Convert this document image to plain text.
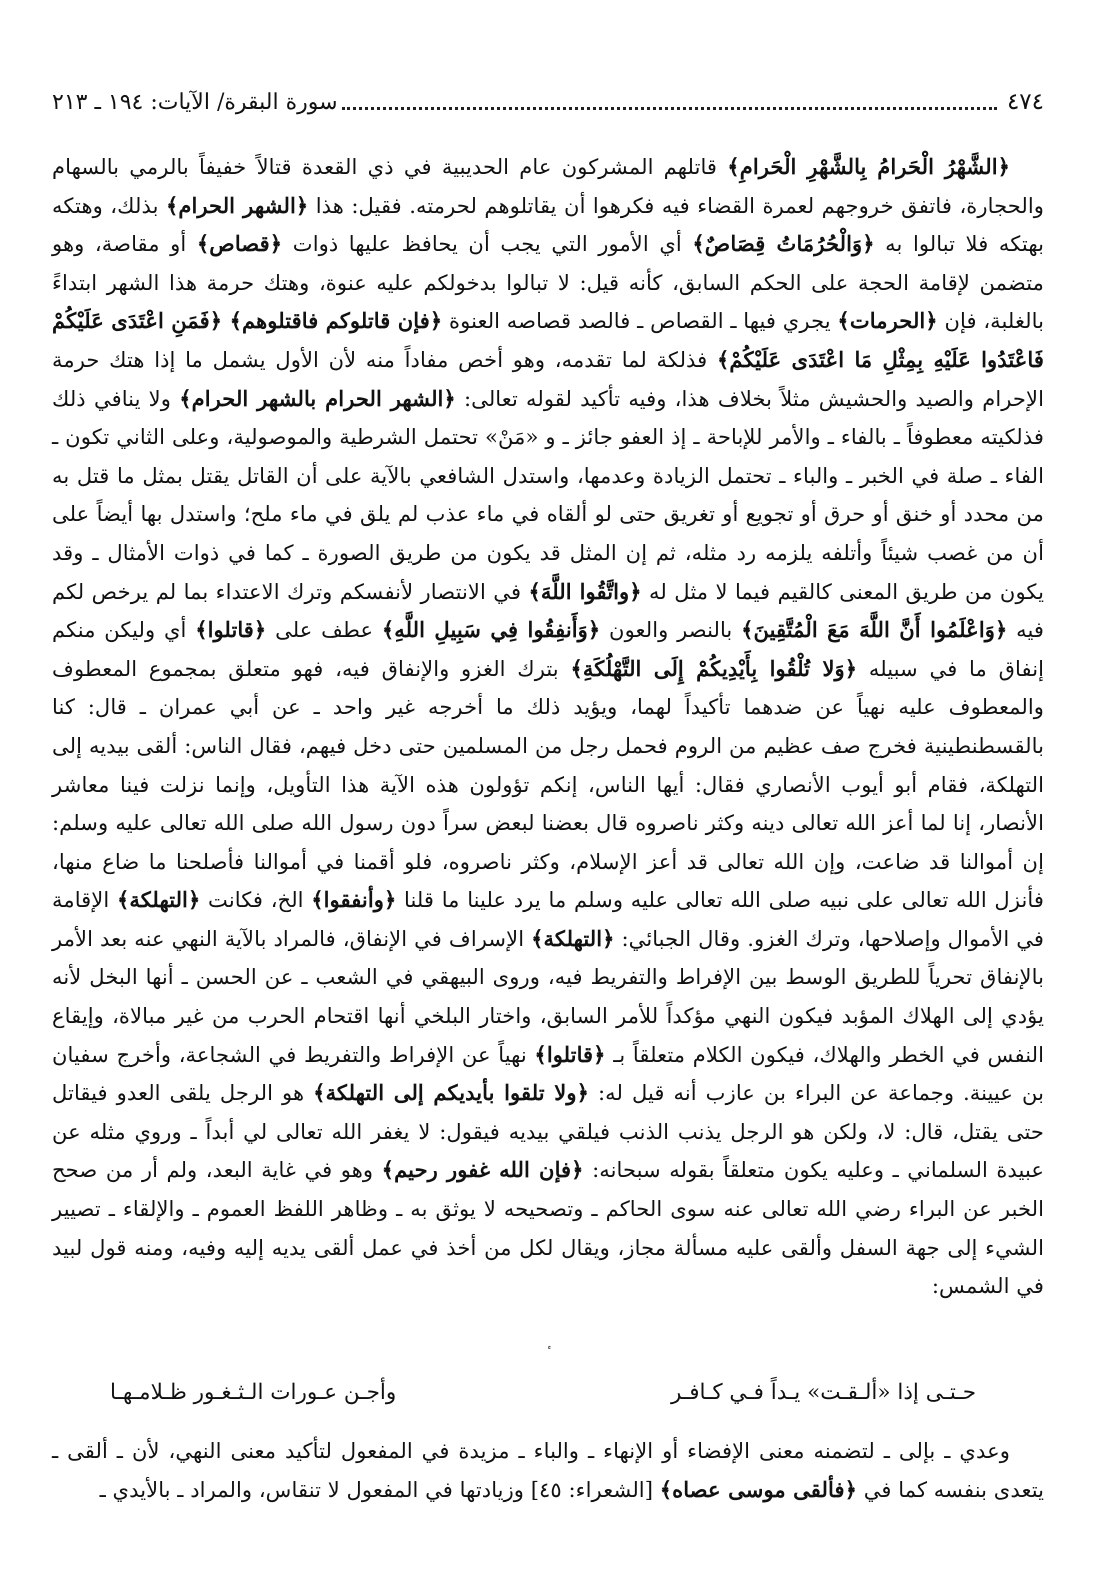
٤٧٤
سورة البقرة/ الآيات: ١٩٤ ـ ٢١٣

﴿الشَّهْرُ الْحَرامُ بِالشَّهْرِ الْحَرامِ﴾ قاتلهم المشركون عام الحديبية في ذي القعدة قتالاً خفيفاً بالرمي بالسهام والحجارة، فاتفق خروجهم لعمرة القضاء فيه فكرهوا أن يقاتلوهم لحرمته. فقيل: هذا ﴿الشهر الحرام﴾ بذلك، وهتكه بهتكه فلا تبالوا به ﴿وَالْحُرُمَاتُ قِصَاصٌ﴾ أي الأمور التي يجب أن يحافظ عليها ذوات ﴿قصاص﴾ أو مقاصة، وهو متضمن لإقامة الحجة على الحكم السابق، كأنه قيل: لا تبالوا بدخولكم عليه عنوة، وهتك حرمة هذا الشهر ابتداءً بالغلبة، فإن ﴿الحرمات﴾ يجري فيها ـ القصاص ـ فالصد قصاصه العنوة ﴿فإن قاتلوكم فاقتلوهم﴾ ﴿فَمَنِ اعْتَدَى عَلَيْكُمْ فَاعْتَدُوا عَلَيْهِ بِمِثْلِ مَا اعْتَدَى عَلَيْكُمْ﴾ فذلكة لما تقدمه، وهو أخص مفاداً منه لأن الأول يشمل ما إذا هتك حرمة الإحرام والصيد والحشيش مثلاً بخلاف هذا، وفيه تأكيد لقوله تعالى: ﴿الشهر الحرام بالشهر الحرام﴾ ولا ينافي ذلك فذلكيته معطوفاً ـ بالفاء ـ والأمر للإباحة ـ إذ العفو جائز ـ و «مَنْ» تحتمل الشرطية والموصولية، وعلى الثاني تكون ـ الفاء ـ صلة في الخبر ـ والباء ـ تحتمل الزيادة وعدمها، واستدل الشافعي بالآية على أن القاتل يقتل بمثل ما قتل به من محدد أو خنق أو حرق أو تجويع أو تغريق حتى لو ألقاه في ماء عذب لم يلق في ماء ملح؛ واستدل بها أيضاً على أن من غصب شيئاً وأتلفه يلزمه رد مثله، ثم إن المثل قد يكون من طريق الصورة ـ كما في ذوات الأمثال ـ وقد يكون من طريق المعنى كالقيم فيما لا مثل له ﴿واتَّقُوا اللَّهَ﴾ في الانتصار لأنفسكم وترك الاعتداء بما لم يرخص لكم فيه ﴿وَاعْلَمُوا أَنَّ اللَّهَ مَعَ الْمُتَّقِينَ﴾ بالنصر والعون ﴿وَأَنفِقُوا فِي سَبِيلِ اللَّهِ﴾ عطف على ﴿قاتلوا﴾ أي وليكن منكم إنفاق ما في سبيله ﴿وَلا تُلْقُوا بِأَيْدِيكُمْ إِلَى التَّهْلُكَةِ﴾ بترك الغزو والإنفاق فيه، فهو متعلق بمجموع المعطوف والمعطوف عليه نهياً عن ضدهما تأكيداً لهما، ويؤيد ذلك ما أخرجه غير واحد ـ عن أبي عمران ـ قال: كنا بالقسطنطينية فخرج صف عظيم من الروم فحمل رجل من المسلمين حتى دخل فيهم، فقال الناس: ألقى بيديه إلى التهلكة، فقام أبو أيوب الأنصاري فقال: أيها الناس، إنكم تؤولون هذه الآية هذا التأويل، وإنما نزلت فينا معاشر الأنصار، إنا لما أعز الله تعالى دينه وكثر ناصروه قال بعضنا لبعض سراً دون رسول الله صلى الله تعالى عليه وسلم: إن أموالنا قد ضاعت، وإن الله تعالى قد أعز الإسلام، وكثر ناصروه، فلو أقمنا في أموالنا فأصلحنا ما ضاع منها، فأنزل الله تعالى على نبيه صلى الله تعالى عليه وسلم ما يرد علينا ما قلنا ﴿وأنفقوا﴾ الخ، فكانت ﴿التهلكة﴾ الإقامة في الأموال وإصلاحها، وترك الغزو. وقال الجبائي: ﴿التهلكة﴾ الإسراف في الإنفاق، فالمراد بالآية النهي عنه بعد الأمر بالإنفاق تحرياً للطريق الوسط بين الإفراط والتفريط فيه، وروى البيهقي في الشعب ـ عن الحسن ـ أنها البخل لأنه يؤدي إلى الهلاك المؤبد فيكون النهي مؤكداً للأمر السابق، واختار البلخي أنها اقتحام الحرب من غير مبالاة، وإيقاع النفس في الخطر والهلاك، فيكون الكلام متعلقاً بـ ﴿قاتلوا﴾ نهياً عن الإفراط والتفريط في الشجاعة، وأخرج سفيان بن عيينة. وجماعة عن البراء بن عازب أنه قيل له: ﴿ولا تلقوا بأيديكم إلى التهلكة﴾ هو الرجل يلقى العدو فيقاتل حتى يقتل، قال: لا، ولكن هو الرجل يذنب الذنب فيلقي بيديه فيقول: لا يغفر الله تعالى لي أبداً ـ وروي مثله عن عبيدة السلماني ـ وعليه يكون متعلقاً بقوله سبحانه: ﴿فإن الله غفور رحيم﴾ وهو في غاية البعد، ولم أر من صحح الخبر عن البراء رضي الله تعالى عنه سوى الحاكم ـ وتصحيحه لا يوثق به ـ وظاهر اللفظ العموم ـ والإلقاء ـ تصيير الشيء إلى جهة السفل وألقى عليه مسألة مجاز، ويقال لكل من أخذ في عمل ألقى يديه إليه وفيه، ومنه قول لبيد في الشمس:

حـتـى إذا «ألـقـت» يـداً فـي كـافـر
وأجـن عـورات الـثـغـور ظـلامـهـا

وعدي ـ بإلى ـ لتضمنه معنى الإفضاء أو الإنهاء ـ والباء ـ مزيدة في المفعول لتأكيد معنى النهي، لأن ـ ألقى ـ يتعدى بنفسه كما في ﴿فألقى موسى عصاه﴾ [الشعراء: ٤٥] وزيادتها في المفعول لا تنقاس، والمراد ـ بالأيدي ـ
